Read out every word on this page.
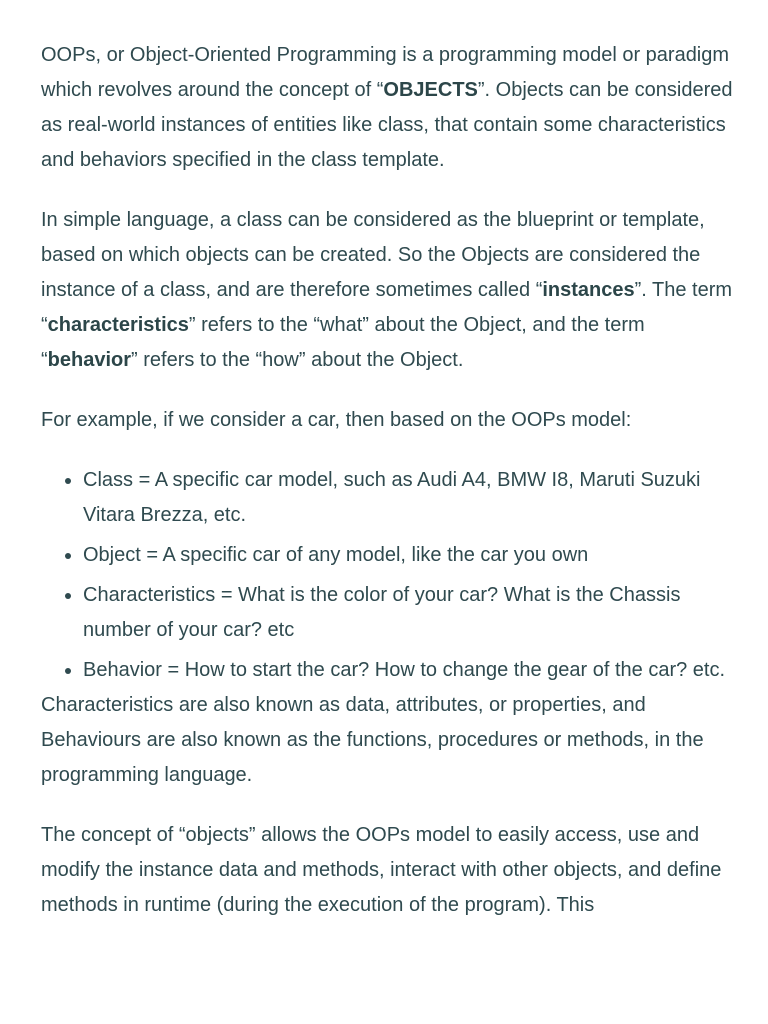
OOPs, or Object-Oriented Programming is a programming model or paradigm which revolves around the concept of “OBJECTS”. Objects can be considered as real-world instances of entities like class, that contain some characteristics and behaviors specified in the class template.

In simple language, a class can be considered as the blueprint or template, based on which objects can be created. So the Objects are considered the instance of a class, and are therefore sometimes called “instances”. The term “characteristics” refers to the “what” about the Object, and the term “behavior” refers to the “how” about the Object.

For example, if we consider a car, then based on the OOPs model:

Class = A specific car model, such as Audi A4, BMW I8, Maruti Suzuki Vitara Brezza, etc.
Object = A specific car of any model, like the car you own
Characteristics = What is the color of your car? What is the Chassis number of your car? etc
Behavior = How to start the car? How to change the gear of the car? etc.

Characteristics are also known as data, attributes, or properties, and Behaviours are also known as the functions, procedures or methods, in the programming language.

The concept of “objects” allows the OOPs model to easily access, use and modify the instance data and methods, interact with other objects, and define methods in runtime (during the execution of the program). This
